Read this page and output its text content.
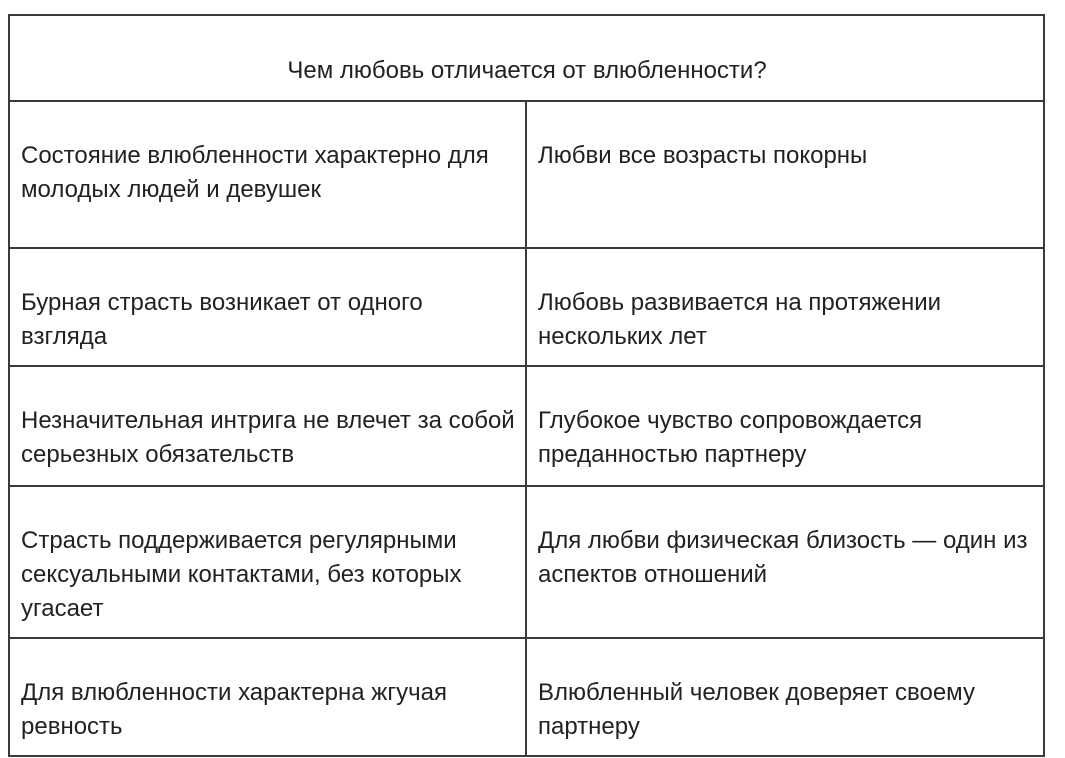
Чем любовь отличается от влюбленности?	
Состояние влюбленности характерно для молодых людей и девушек	Любви все возрасты покорны
Бурная страсть возникает от одного взгляда	Любовь развивается на протяжении нескольких лет
Незначительная интрига не влечет за собой серьезных обязательств	Глубокое чувство сопровождается преданностью партнеру
Страсть поддерживается регулярными сексуальными контактами, без которых угасает	Для любви физическая близость — один из аспектов отношений
Для влюбленности характерна жгучая ревность	Влюбленный человек доверяет своему партнеру
